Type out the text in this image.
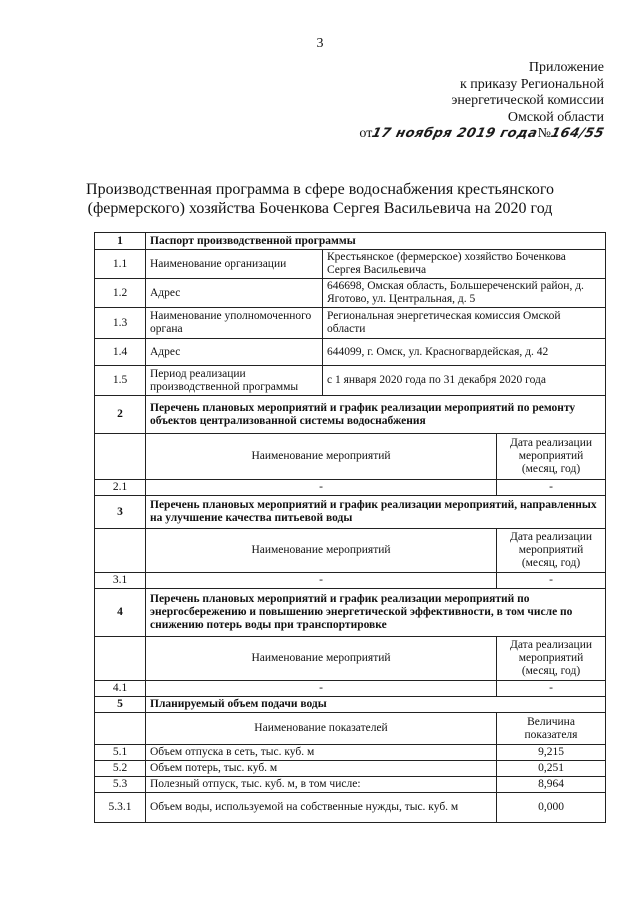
3
Приложение
к приказу Региональной
энергетической комиссии
Омской области
от17 ноября 2019 года№164/55
Производственная программа в сфере водоснабжения крестьянского
(фермерского) хозяйства Боченкова Сергея Васильевича на 2020 год
1	Паспорт производственной программы		
1.1	Наименование организации	Крестьянское (фермерское) хозяйство Боченкова Сергея Васильевича	
1.2	Адрес	646698, Омская область, Большереченский район, д. Яготово, ул. Центральная, д. 5	
1.3	Наименование уполномоченного органа	Региональная энергетическая комиссия Омской области	
1.4	Адрес	644099, г. Омск, ул. Красногвардейская, д. 42	
1.5	Период реализации производственной программы	с 1 января 2020 года по 31 декабря 2020 года	
2	Перечень плановых мероприятий и график реализации мероприятий по ремонту объектов централизованной системы водоснабжения		
	Наименование мероприятий		Дата реализации мероприятий (месяц, год)
2.1	-		-
3	Перечень плановых мероприятий и график реализации мероприятий, направленных на улучшение качества питьевой воды		
	Наименование мероприятий		Дата реализации мероприятий (месяц, год)
3.1	-		-
4	Перечень плановых мероприятий и график реализации мероприятий по энергосбережению и повышению энергетической эффективности, в том числе по снижению потерь воды при транспортировке		
	Наименование мероприятий		Дата реализации мероприятий (месяц, год)
4.1	-		-
5	Планируемый объем подачи воды		
	Наименование показателей		Величина показателя
5.1	Объем отпуска в сеть, тыс. куб. м		9,215
5.2	Объем потерь, тыс. куб. м		0,251
5.3	Полезный отпуск, тыс. куб. м, в том числе:		8,964
5.3.1	Объем воды, используемой на собственные нужды, тыс. куб. м		0,000
